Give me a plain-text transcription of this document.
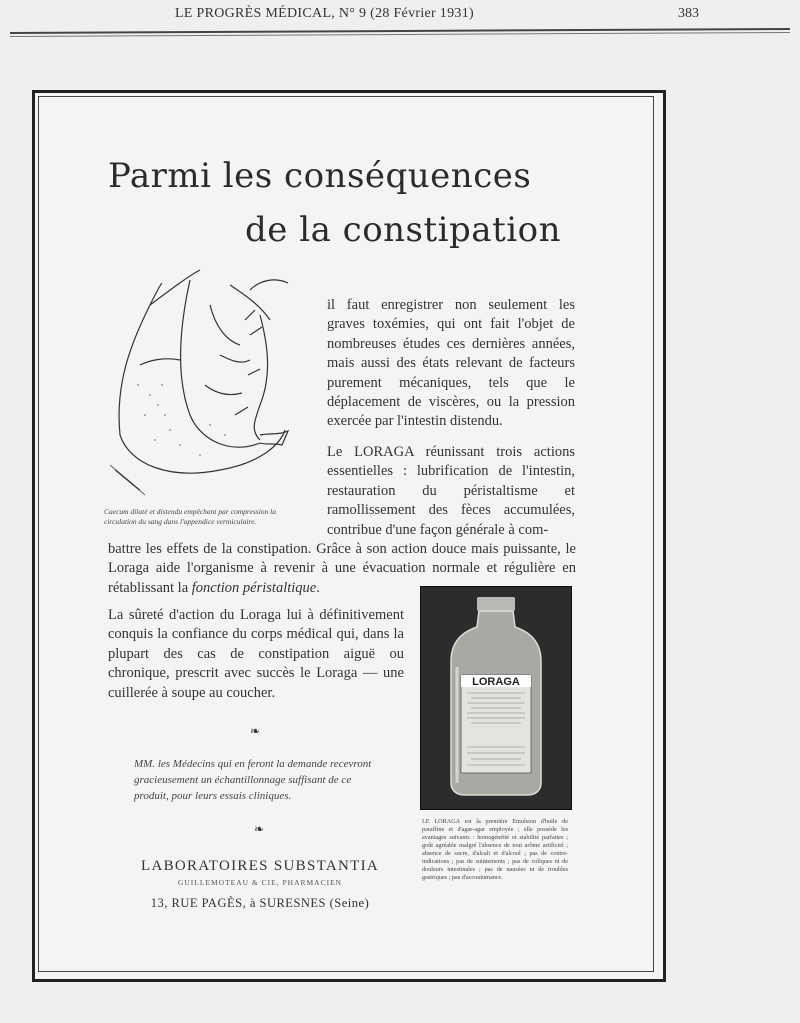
LE PROGRÈS MÉDICAL, N° 9 (28 Février 1931)	383
Parmi les conséquences
de la constipation
Caecum dilaté et distendu empêchant par compression la circulation du sang dans l'appendice vermiculaire.
il faut enregistrer non seulement les graves toxémies, qui ont fait l'objet de nombreuses études ces dernières années, mais aussi des états relevant de facteurs purement mécaniques, tels que le déplacement de viscères, ou la pression exercée par l'intestin distendu.
Le LORAGA réunissant trois actions essentielles : lubrification de l'intestin, restauration du péristaltisme et ramollissement des fèces accumulées, contribue d'une façon générale à com-
battre les effets de la constipation. Grâce à son action douce mais puissante, le Loraga aide l'organisme à revenir à une évacuation normale et régulière en rétablissant la fonction péristaltique.
La sûreté d'action du Loraga lui à définitivement conquis la confiance du corps médical qui, dans la plupart des cas de constipation aiguë ou chronique, prescrit avec succès le Loraga — une cuillerée à soupe au coucher.
❧
MM. les Médecins qui en feront la demande recevront gracieusement un échantillonnage suffisant de ce produit, pour leurs essais cliniques.
❧
LABORATOIRES SUBSTANTIA
GUILLEMOTEAU & CIE, PHARMACIEN
13, RUE PAGÈS, à SURESNES (Seine)
LORAGA
LE LORAGA est la première Emulsion d'huile de paraffine et d'agar-agar employée ; elle possède les avantages suivants : homogénéité et stabilité parfaites ; goût agréable malgré l'absence de tout arôme artificiel ; absence de sucre, d'alcali et d'alcool ; pas de contre-indications ; pas de suintements ; pas de coliques ni de douleurs intestinales ; pas de nausées ni de troubles gastriques ; pas d'accoutumance.
